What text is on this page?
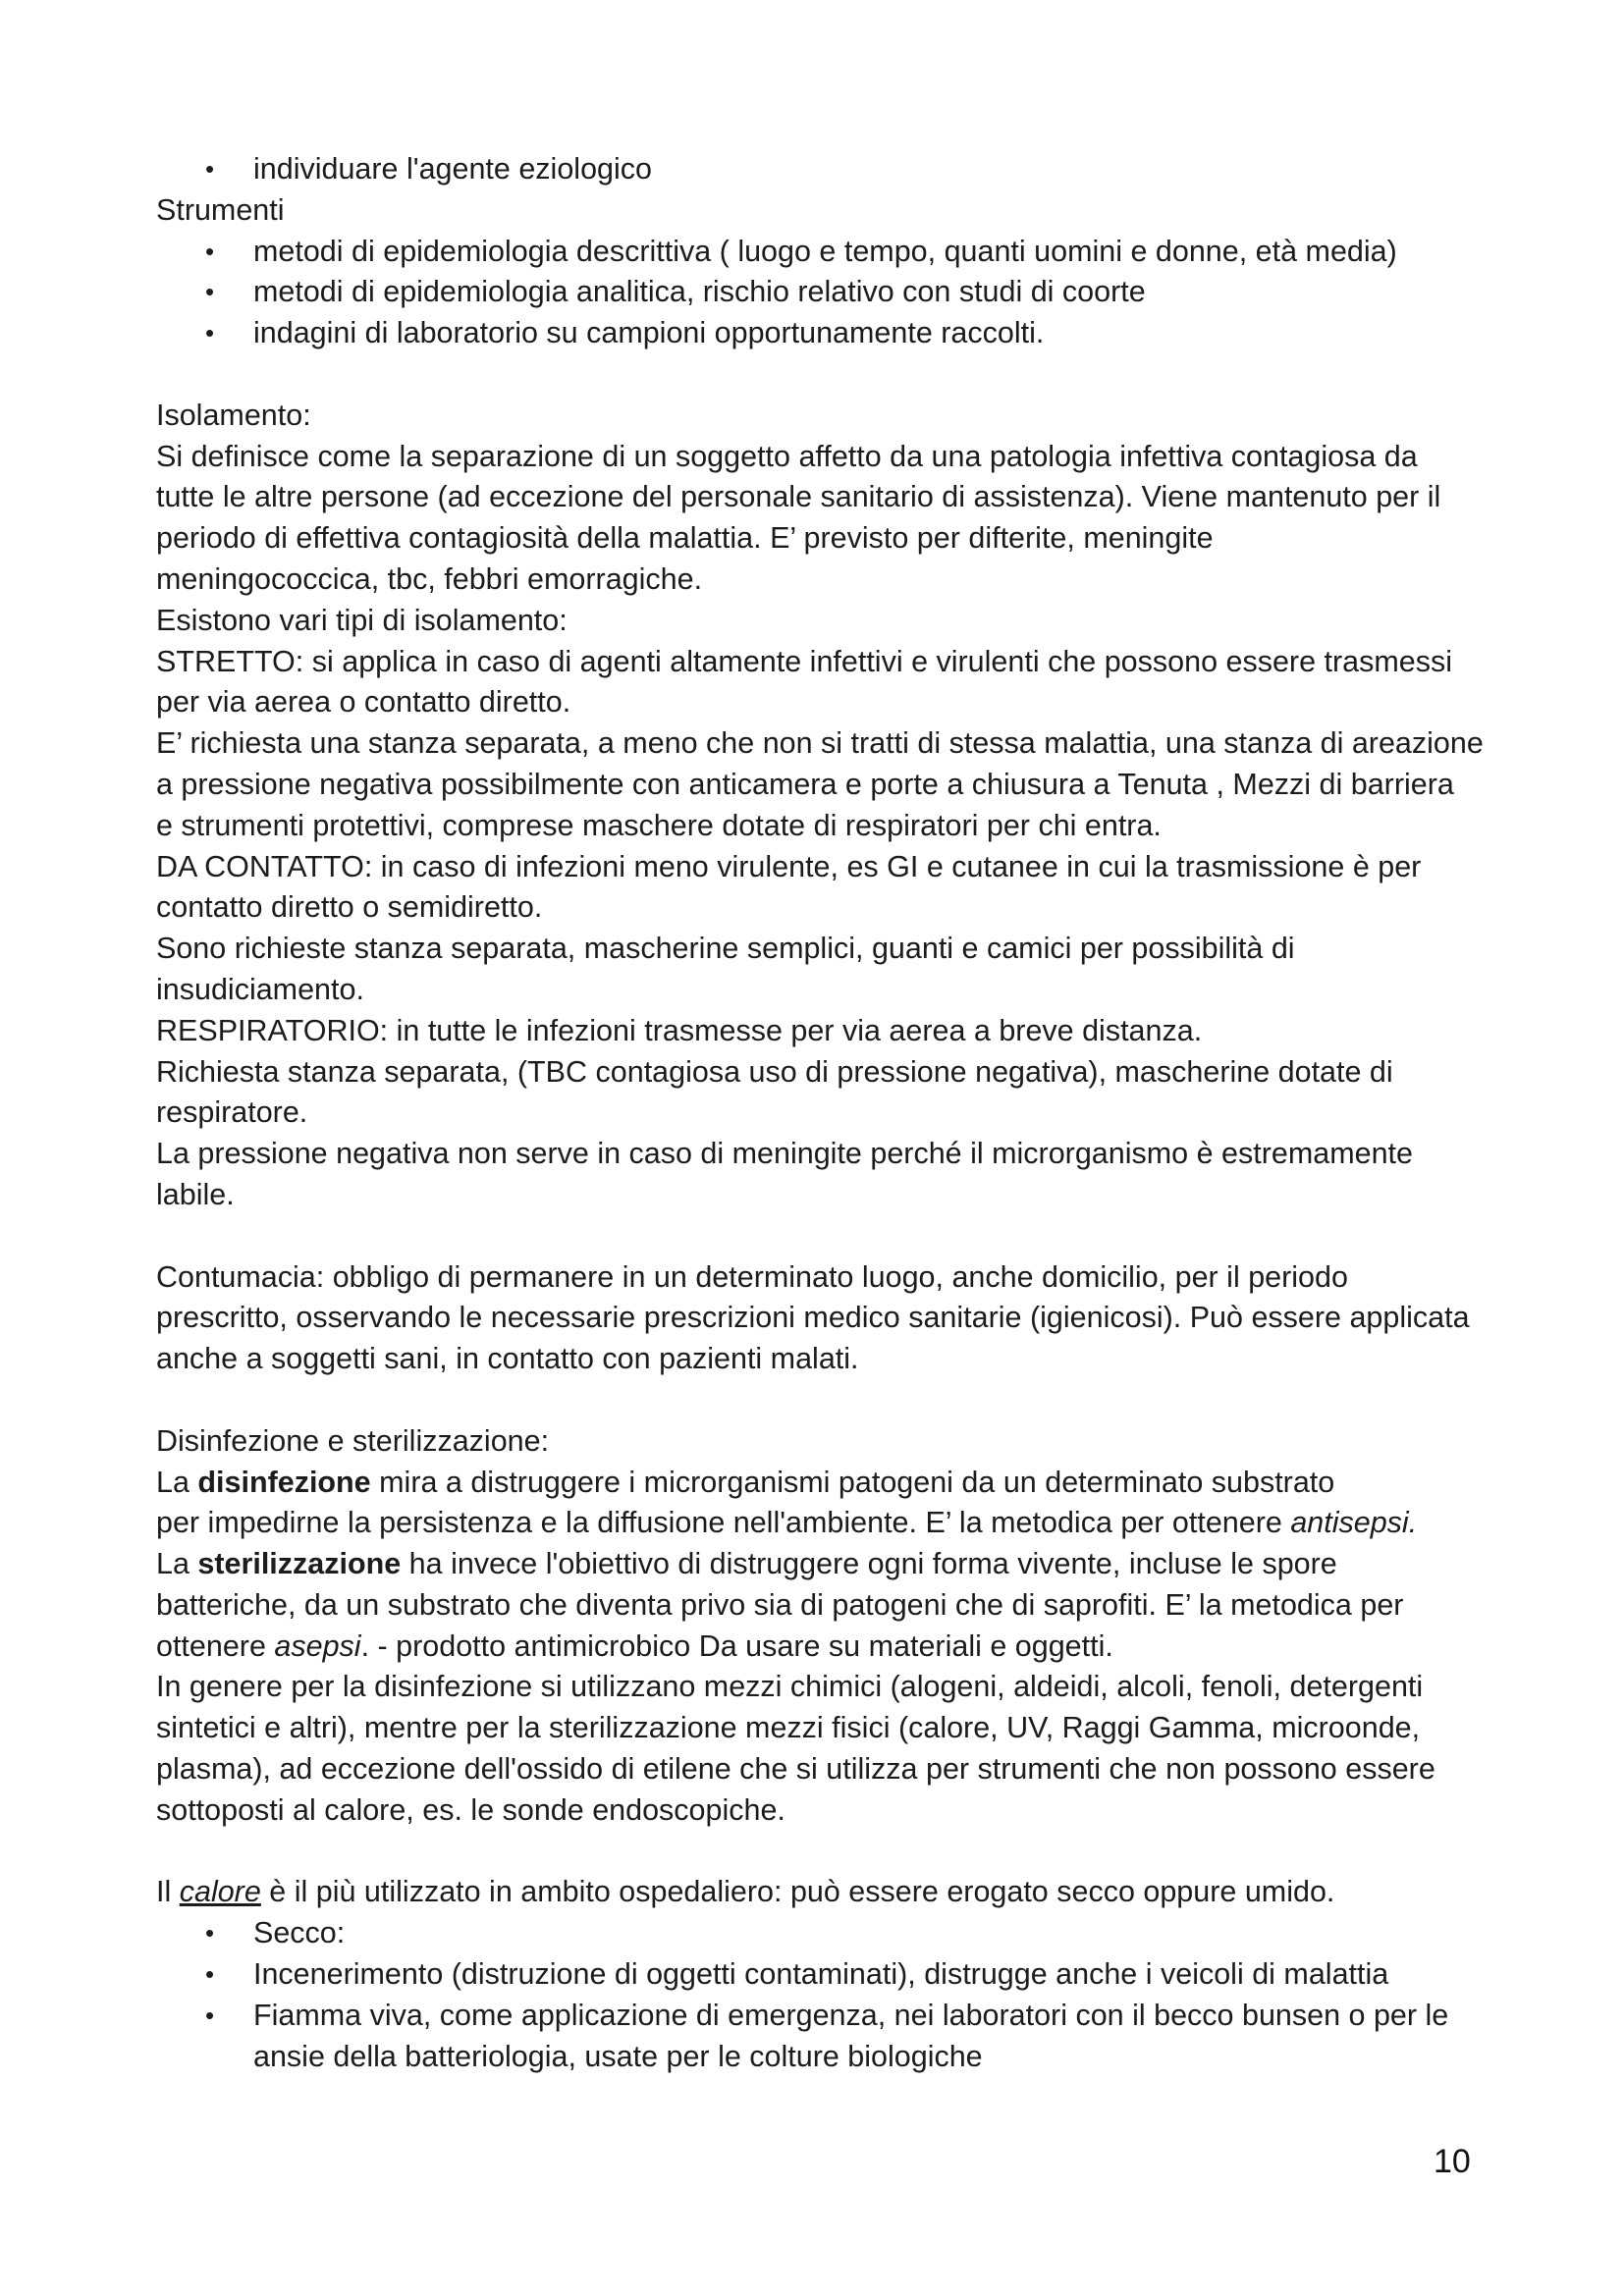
• individuare l'agente eziologico
Strumenti
• metodi di epidemiologia descrittiva ( luogo e tempo, quanti uomini e donne, età media)
• metodi di epidemiologia analitica, rischio relativo con studi di coorte
• indagini di laboratorio su campioni opportunamente raccolti.
Isolamento:
Si definisce come la separazione di un soggetto affetto da una patologia infettiva contagiosa da
tutte le altre persone (ad eccezione del personale sanitario di assistenza). Viene mantenuto per il
periodo di effettiva contagiosità della malattia. E’ previsto per difterite, meningite
meningococcica, tbc, febbri emorragiche.
Esistono vari tipi di isolamento:
STRETTO: si applica in caso di agenti altamente infettivi e virulenti che possono essere trasmessi
per via aerea o contatto diretto.
E’ richiesta una stanza separata, a meno che non si tratti di stessa malattia, una stanza di areazione
a pressione negativa possibilmente con anticamera e porte a chiusura a Tenuta , Mezzi di barriera
e strumenti protettivi, comprese maschere dotate di respiratori per chi entra.
DA CONTATTO: in caso di infezioni meno virulente, es GI e cutanee in cui la trasmissione è per
contatto diretto o semidiretto.
Sono richieste stanza separata, mascherine semplici, guanti e camici per possibilità di
insudiciamento.
RESPIRATORIO: in tutte le infezioni trasmesse per via aerea a breve distanza.
Richiesta stanza separata, (TBC contagiosa uso di pressione negativa), mascherine dotate di
respiratore.
La pressione negativa non serve in caso di meningite perché il microrganismo è estremamente
labile.
Contumacia: obbligo di permanere in un determinato luogo, anche domicilio, per il periodo
prescritto, osservando le necessarie prescrizioni medico sanitarie (igienicosi). Può essere applicata
anche a soggetti sani, in contatto con pazienti malati.
Disinfezione e sterilizzazione:
La disinfezione mira a distruggere i microrganismi patogeni da un determinato substrato
per impedirne la persistenza e la diffusione nell'ambiente. E’ la metodica per ottenere antisepsi.
La sterilizzazione ha invece l'obiettivo di distruggere ogni forma vivente, incluse le spore
batteriche, da un substrato che diventa privo sia di patogeni che di saprofiti. E’ la metodica per
ottenere asepsi. - prodotto antimicrobico Da usare su materiali e oggetti.
In genere per la disinfezione si utilizzano mezzi chimici (alogeni, aldeidi, alcoli, fenoli, detergenti
sintetici e altri), mentre per la sterilizzazione mezzi fisici (calore, UV, Raggi Gamma, microonde,
plasma), ad eccezione dell'ossido di etilene che si utilizza per strumenti che non possono essere
sottoposti al calore, es. le sonde endoscopiche.
Il calore è il più utilizzato in ambito ospedaliero: può essere erogato secco oppure umido.
• Secco:
• Incenerimento (distruzione di oggetti contaminati), distrugge anche i veicoli di malattia
• Fiamma viva, come applicazione di emergenza, nei laboratori con il becco bunsen o per le
ansie della batteriologia, usate per le colture biologiche
10
